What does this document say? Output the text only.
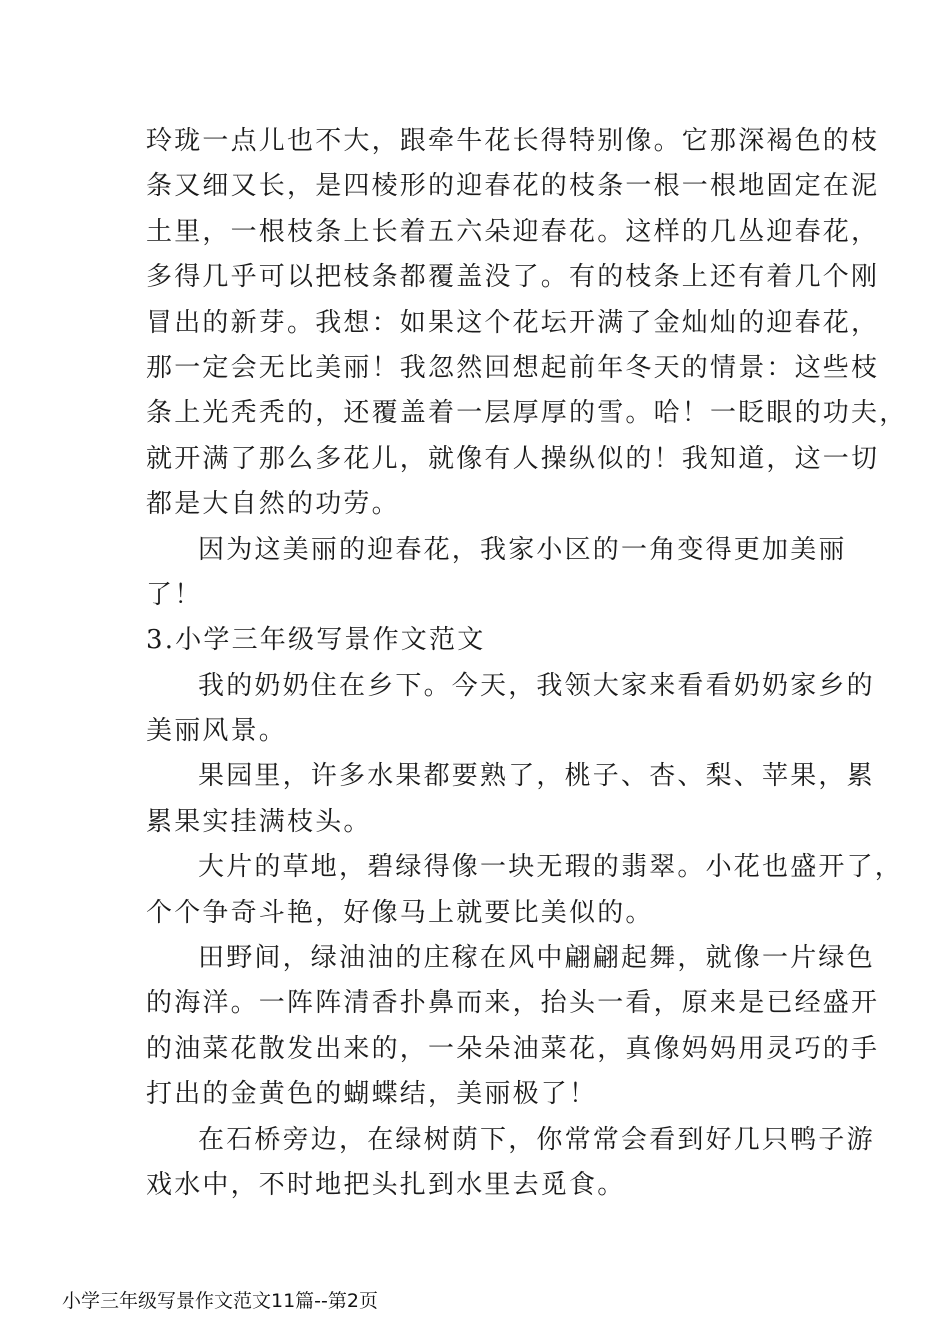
玲珑一点儿也不大，跟牵牛花长得特别像。它那深褐色的枝
条又细又长，是四棱形的迎春花的枝条一根一根地固定在泥
土里，一根枝条上长着五六朵迎春花。这样的几丛迎春花，
多得几乎可以把枝条都覆盖没了。有的枝条上还有着几个刚
冒出的新芽。我想：如果这个花坛开满了金灿灿的迎春花，
那一定会无比美丽！我忽然回想起前年冬天的情景：这些枝
条上光秃秃的，还覆盖着一层厚厚的雪。哈！一眨眼的功夫，
就开满了那么多花儿，就像有人操纵似的！我知道，这一切
都是大自然的功劳。
因为这美丽的迎春花，我家小区的一角变得更加美丽
了！
3.小学三年级写景作文范文
我的奶奶住在乡下。今天，我领大家来看看奶奶家乡的
美丽风景。
果园里，许多水果都要熟了，桃子、杏、梨、苹果，累
累果实挂满枝头。
大片的草地，碧绿得像一块无瑕的翡翠。小花也盛开了，
个个争奇斗艳，好像马上就要比美似的。
田野间，绿油油的庄稼在风中翩翩起舞，就像一片绿色
的海洋。一阵阵清香扑鼻而来，抬头一看，原来是已经盛开
的油菜花散发出来的，一朵朵油菜花，真像妈妈用灵巧的手
打出的金黄色的蝴蝶结，美丽极了！
在石桥旁边，在绿树荫下，你常常会看到好几只鸭子游
戏水中，不时地把头扎到水里去觅食。
小学三年级写景作文范文11篇--第2页
